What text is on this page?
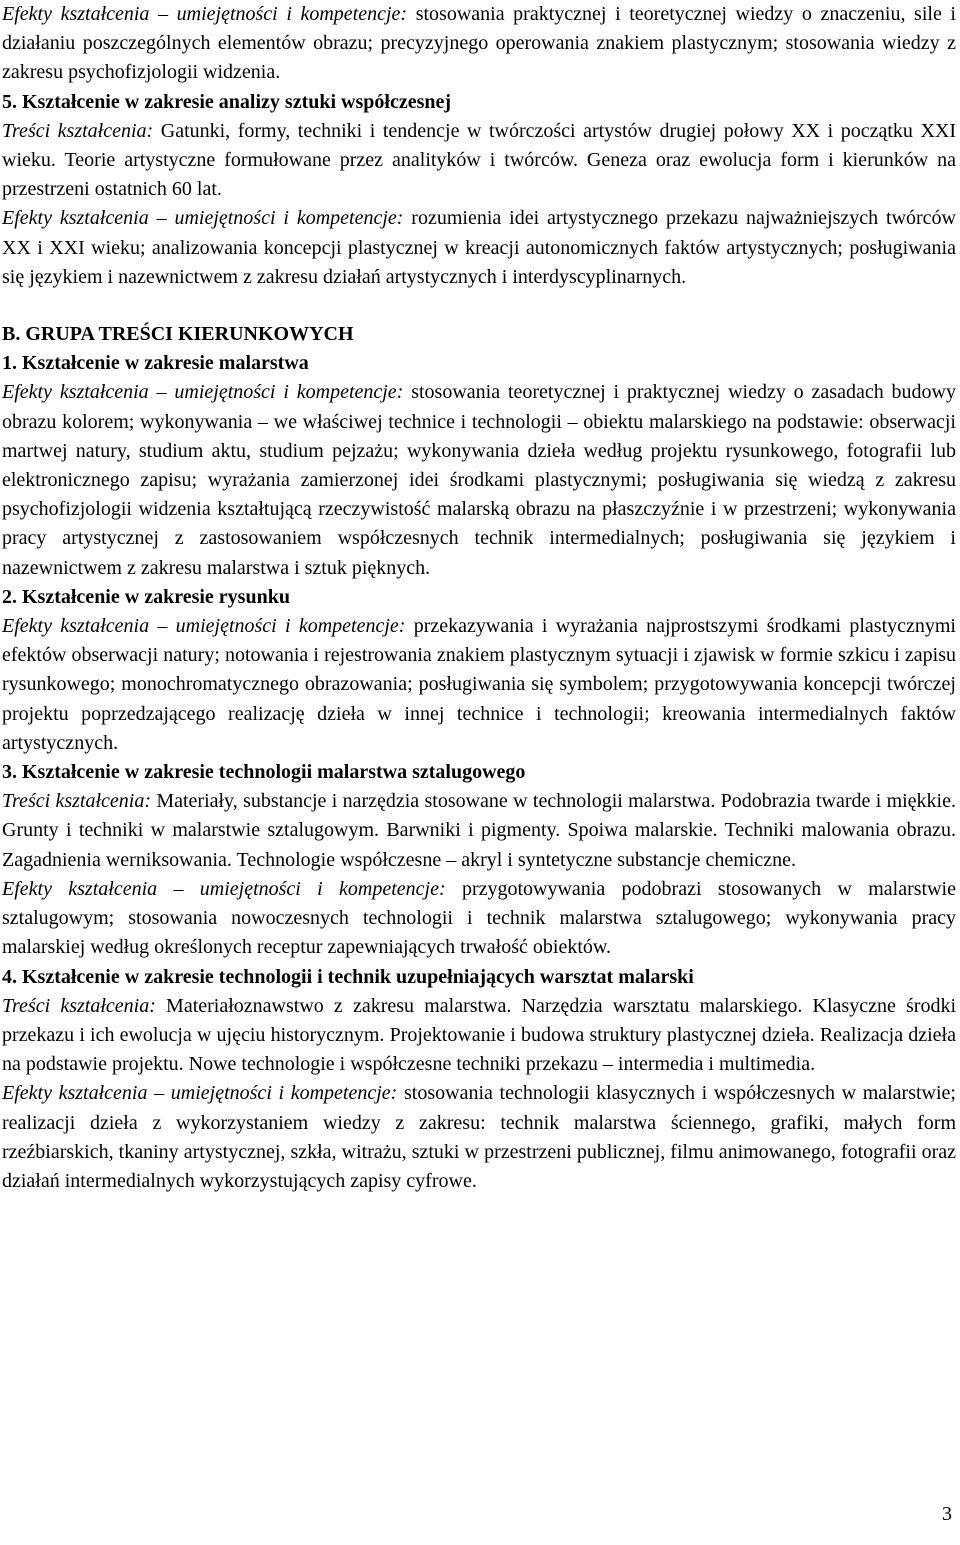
Efekty kształcenia – umiejętności i kompetencje: stosowania praktycznej i teoretycznej wiedzy o znaczeniu, sile i działaniu poszczególnych elementów obrazu; precyzyjnego operowania znakiem plastycznym; stosowania wiedzy z zakresu psychofizjologii widzenia.

5. Kształcenie w zakresie analizy sztuki współczesnej

Treści kształcenia: Gatunki, formy, techniki i tendencje w twórczości artystów drugiej połowy XX i początku XXI wieku. Teorie artystyczne formułowane przez analityków i twórców. Geneza oraz ewolucja form i kierunków na przestrzeni ostatnich 60 lat.

Efekty kształcenia – umiejętności i kompetencje: rozumienia idei artystycznego przekazu najważniejszych twórców XX i XXI wieku; analizowania koncepcji plastycznej w kreacji autonomicznych faktów artystycznych; posługiwania się językiem i nazewnictwem z zakresu działań artystycznych i interdyscyplinarnych.

B. GRUPA TREŚCI KIERUNKOWYCH

1. Kształcenie w zakresie malarstwa

Efekty kształcenia – umiejętności i kompetencje: stosowania teoretycznej i praktycznej wiedzy o zasadach budowy obrazu kolorem; wykonywania – we właściwej technice i technologii – obiektu malarskiego na podstawie: obserwacji martwej natury, studium aktu, studium pejzażu; wykonywania dzieła według projektu rysunkowego, fotografii lub elektronicznego zapisu; wyrażania zamierzonej idei środkami plastycznymi; posługiwania się wiedzą z zakresu psychofizjologii widzenia kształtującą rzeczywistość malarską obrazu na płaszczyźnie i w przestrzeni; wykonywania pracy artystycznej z zastosowaniem współczesnych technik intermedialnych; posługiwania się językiem i nazewnictwem z zakresu malarstwa i sztuk pięknych.

2. Kształcenie w zakresie rysunku

Efekty kształcenia – umiejętności i kompetencje: przekazywania i wyrażania najprostszymi środkami plastycznymi efektów obserwacji natury; notowania i rejestrowania znakiem plastycznym sytuacji i zjawisk w formie szkicu i zapisu rysunkowego; monochromatycznego obrazowania; posługiwania się symbolem; przygotowywania koncepcji twórczej projektu poprzedzającego realizację dzieła w innej technice i technologii; kreowania intermedialnych faktów artystycznych.

3. Kształcenie w zakresie technologii malarstwa sztalugowego

Treści kształcenia: Materiały, substancje i narzędzia stosowane w technologii malarstwa. Podobrazia twarde i miękkie. Grunty i techniki w malarstwie sztalugowym. Barwniki i pigmenty. Spoiwa malarskie. Techniki malowania obrazu. Zagadnienia werniksowania. Technologie współczesne – akryl i syntetyczne substancje chemiczne.

Efekty kształcenia – umiejętności i kompetencje: przygotowywania podobrazi stosowanych w malarstwie sztalugowym; stosowania nowoczesnych technologii i technik malarstwa sztalugowego; wykonywania pracy malarskiej według określonych receptur zapewniających trwałość obiektów.

4. Kształcenie w zakresie technologii i technik uzupełniających warsztat malarski

Treści kształcenia: Materiałoznawstwo z zakresu malarstwa. Narzędzia warsztatu malarskiego. Klasyczne środki przekazu i ich ewolucja w ujęciu historycznym. Projektowanie i budowa struktury plastycznej dzieła. Realizacja dzieła na podstawie projektu. Nowe technologie i współczesne techniki przekazu – intermedia i multimedia.

Efekty kształcenia – umiejętności i kompetencje: stosowania technologii klasycznych i współczesnych w malarstwie; realizacji dzieła z wykorzystaniem wiedzy z zakresu: technik malarstwa ściennego, grafiki, małych form rzeźbiarskich, tkaniny artystycznej, szkła, witrażu, sztuki w przestrzeni publicznej, filmu animowanego, fotografii oraz działań intermedialnych wykorzystujących zapisy cyfrowe.

3
